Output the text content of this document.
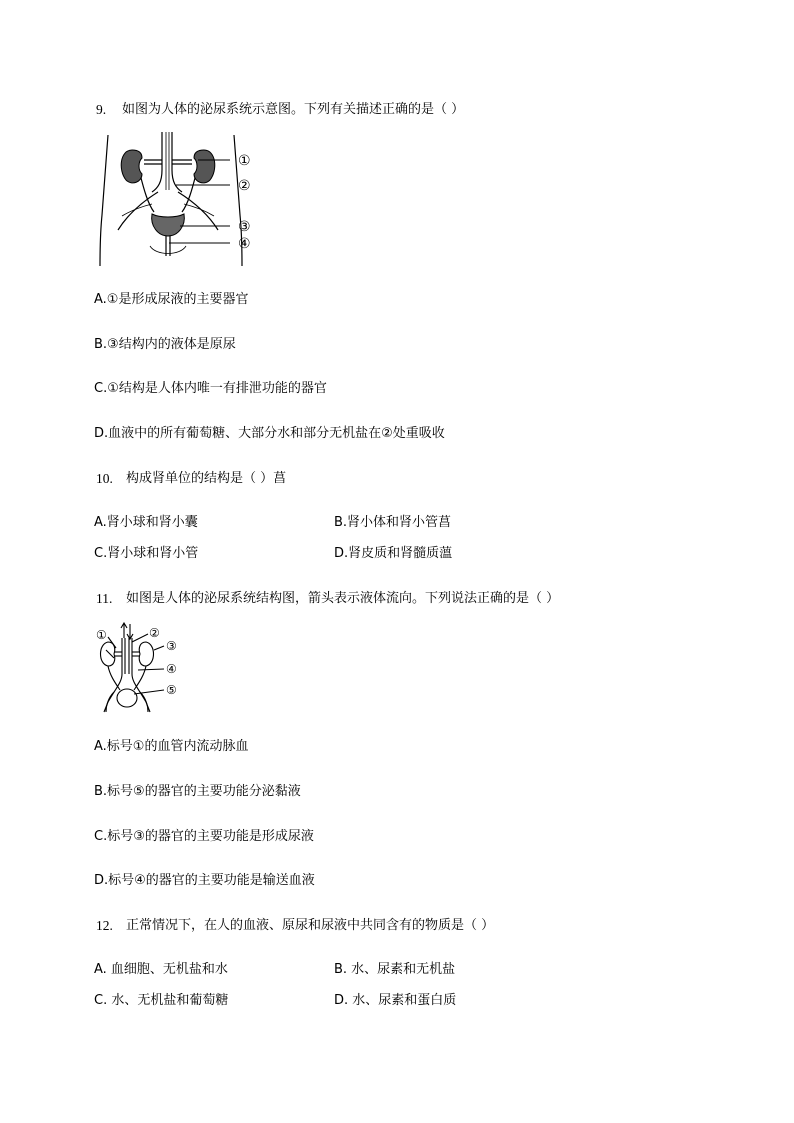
9. 如图为人体的泌尿系统示意图。下列有关描述正确的是（ ）
①
②
③
④
A.①是形成尿液的主要器官
B.③结构内的液体是原尿
C.①结构是人体内唯一有排泄功能的器官
D.血液中的所有葡萄糖、大部分水和部分无机盐在②处重吸收
10. 构成肾单位的结构是（ ）菖
A.肾小球和肾小囊	B.肾小体和肾小管菖
C.肾小球和肾小管	D.肾皮质和肾髓质薀
11. 如图是人体的泌尿系统结构图，箭头表示液体流向。下列说法正确的是（ ）
①	②
③
④
⑤
A.标号①的血管内流动脉血
B.标号⑤的器官的主要功能分泌黏液
C.标号③的器官的主要功能是形成尿液
D.标号④的器官的主要功能是输送血液
12. 正常情况下，在人的血液、原尿和尿液中共同含有的物质是（ ）
A. 血细胞、无机盐和水	B. 水、尿素和无机盐
C. 水、无机盐和葡萄糖	D. 水、尿素和蛋白质
